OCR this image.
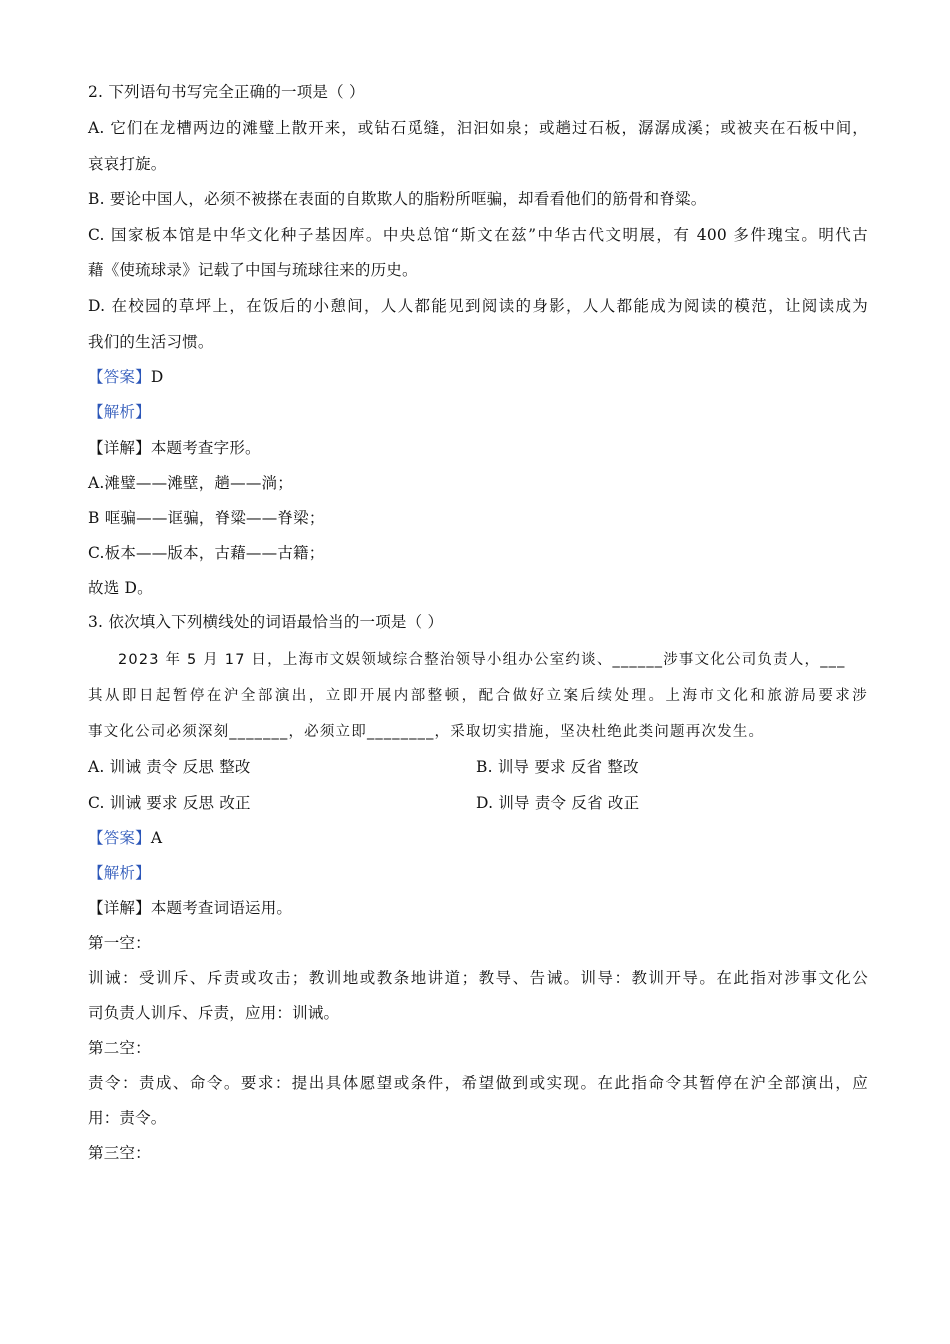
2. 下列语句书写完全正确的一项是（ ）
A. 它们在龙槽两边的滩璧上散开来，或钻石觅缝，汩汩如泉；或趟过石板，潺潺成溪；或被夹在石板中间，
哀哀打旋。
B. 要论中国人，必须不被搽在表面的自欺欺人的脂粉所哐骗，却看看他们的筋骨和脊粱。
C. 国家板本馆是中华文化种子基因库。中央总馆“斯文在兹”中华古代文明展，有 400 多件瑰宝。明代古
藉《使琉球录》记载了中国与琉球往来的历史。
D. 在校园的草坪上，在饭后的小憩间，人人都能见到阅读的身影，人人都能成为阅读的模范，让阅读成为
我们的生活习惯。
【答案】D
【解析】
【详解】本题考查字形。
A.滩璧——滩壁，趟——淌；
B 哐骗——诓骗，脊粱——脊梁；
C.板本——版本，古藉——古籍；
故选 D。
3. 依次填入下列横线处的词语最恰当的一项是（ ）
2023 年 5 月 17 日，上海市文娱领域综合整治领导小组办公室约谈、______涉事文化公司负责人，___
其从即日起暂停在沪全部演出，立即开展内部整顿，配合做好立案后续处理。上海市文化和旅游局要求涉
事文化公司必须深刻_______，必须立即________，采取切实措施，坚决杜绝此类问题再次发生。
A. 训诫 责令 反思 整改	B. 训导 要求 反省 整改
C. 训诫 要求 反思 改正	D. 训导 责令 反省 改正
【答案】A
【解析】
【详解】本题考查词语运用。
第一空：
训诫：受训斥、斥责或攻击；教训地或教条地讲道；教导、告诫。训导：教训开导。在此指对涉事文化公
司负责人训斥、斥责，应用：训诫。
第二空：
责令：责成、命令。要求：提出具体愿望或条件，希望做到或实现。在此指命令其暂停在沪全部演出，应
用：责令。
第三空：
